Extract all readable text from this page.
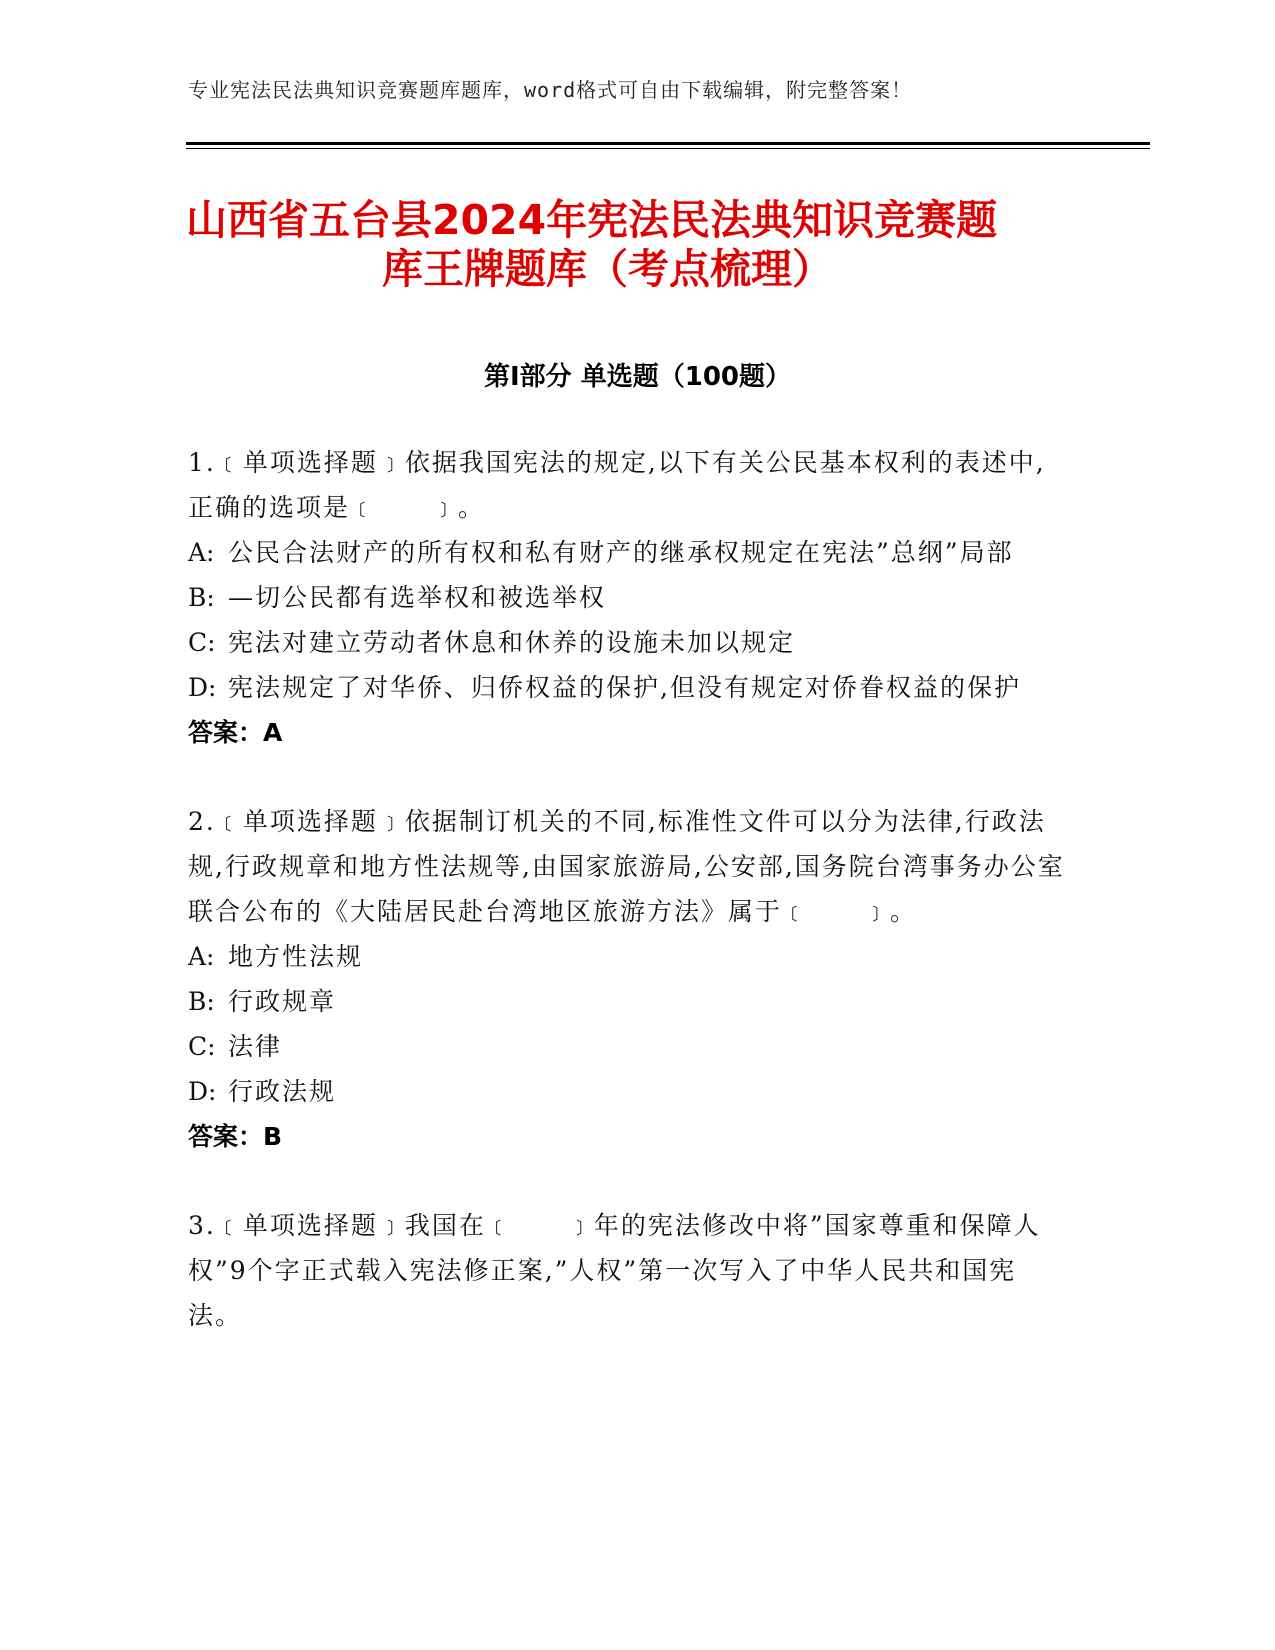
专业宪法民法典知识竞赛题库题库，word格式可自由下载编辑，附完整答案！
山西省五台县2024年宪法民法典知识竞赛题
库王牌题库（考点梳理）
第I部分 单选题（100题）

1.﹝单项选择题﹞依据我国宪法的规定,以下有关公民基本权利的表述中,正确的选项是﹝　　﹞。

A: 公民合法财产的所有权和私有财产的继承权规定在宪法”总纲”局部

B: —切公民都有选举权和被选举权

C: 宪法对建立劳动者休息和休养的设施未加以规定

D: 宪法规定了对华侨、归侨权益的保护,但没有规定对侨眷权益的保护

答案：A

2.﹝单项选择题﹞依据制订机关的不同,标准性文件可以分为法律,行政法规,行政规章和地方性法规等,由国家旅游局,公安部,国务院台湾事务办公室联合公布的《大陆居民赴台湾地区旅游方法》属于﹝　　﹞。

A: 地方性法规

B: 行政规章

C: 法律

D: 行政法规

答案：B

3.﹝单项选择题﹞我国在﹝　　﹞年的宪法修改中将”国家尊重和保障人权”9个字正式载入宪法修正案,”人权”第一次写入了中华人民共和国宪法。
